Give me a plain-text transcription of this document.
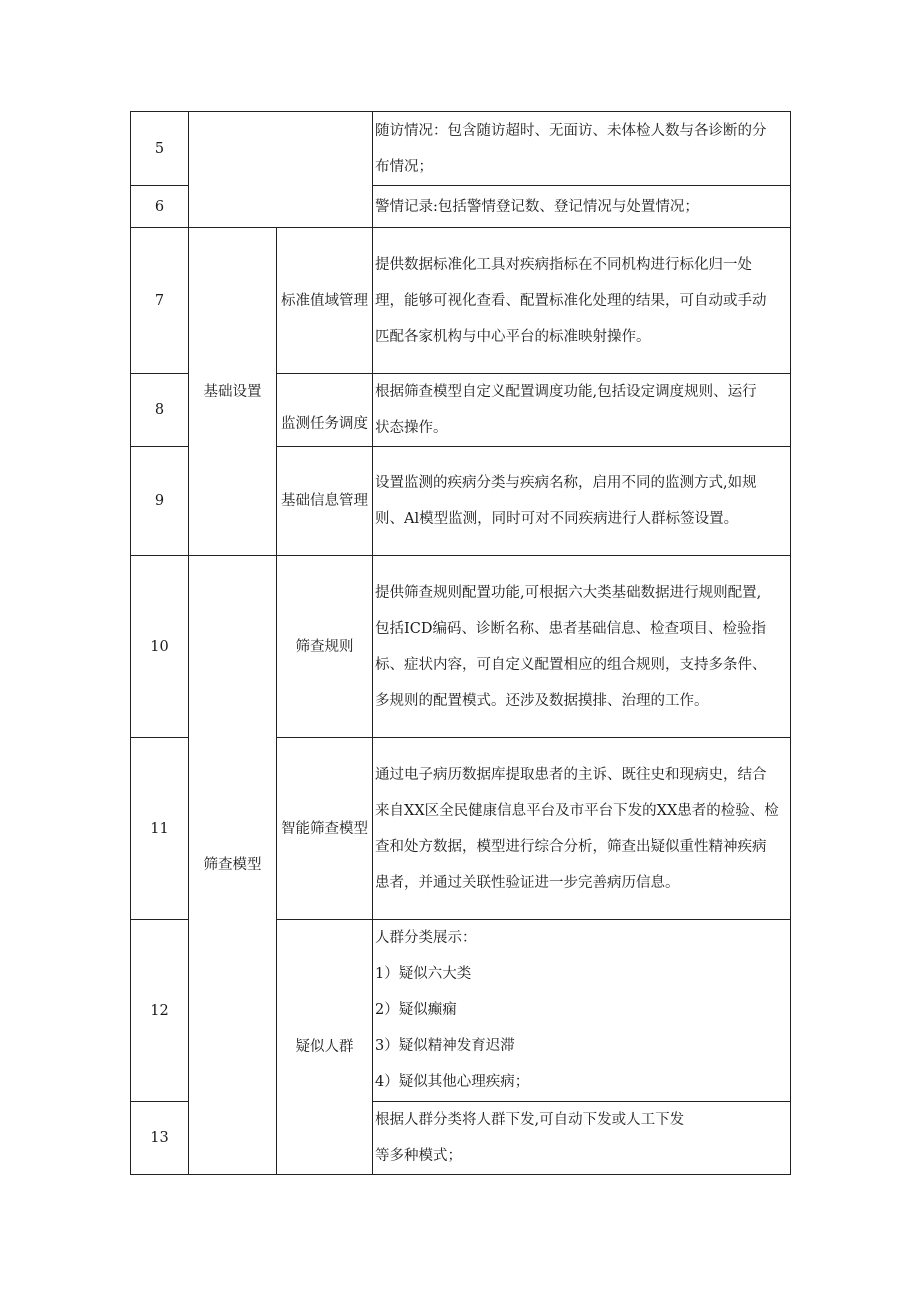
5			随访情况：包含随访超时、无面访、未体检人数与各诊断的分
布情况；

6			警情记录:包括警情登记数、登记情况与处置情况；

7	基础设置	标准值域管理	提供数据标准化工具对疾病指标在不同机构进行标化归一处
理，能够可视化查看、配置标准化处理的结果，可自动或手动
匹配各家机构与中心平台的标准映射操作。

8		监测任务调度	根据筛查模型自定义配置调度功能,包括设定调度规则、运行
状态操作。

9		基础信息管理	设置监测的疾病分类与疾病名称，启用不同的监测方式,如规
则、Al模型监测，同时可对不同疾病进行人群标签设置。

10	筛查模型	筛查规则	提供筛查规则配置功能,可根据六大类基础数据进行规则配置,
包括ICD编码、诊断名称、患者基础信息、检查项目、检验指
标、症状内容，可自定义配置相应的组合规则，支持多条件、
多规则的配置模式。还涉及数据摸排、治理的工作。

11		智能筛查模型	通过电子病历数据库提取患者的主诉、既往史和现病史，结合
来自XX区全民健康信息平台及市平台下发的XX患者的检验、检
查和处方数据，模型进行综合分析，筛查出疑似重性精神疾病
患者，并通过关联性验证进一步完善病历信息。

12		疑似人群	人群分类展示：
1）疑似六大类
2）疑似癫痫
3）疑似精神发育迟滞
4）疑似其他心理疾病；

13			根据人群分类将人群下发,可自动下发或人工下发
等多种模式；
